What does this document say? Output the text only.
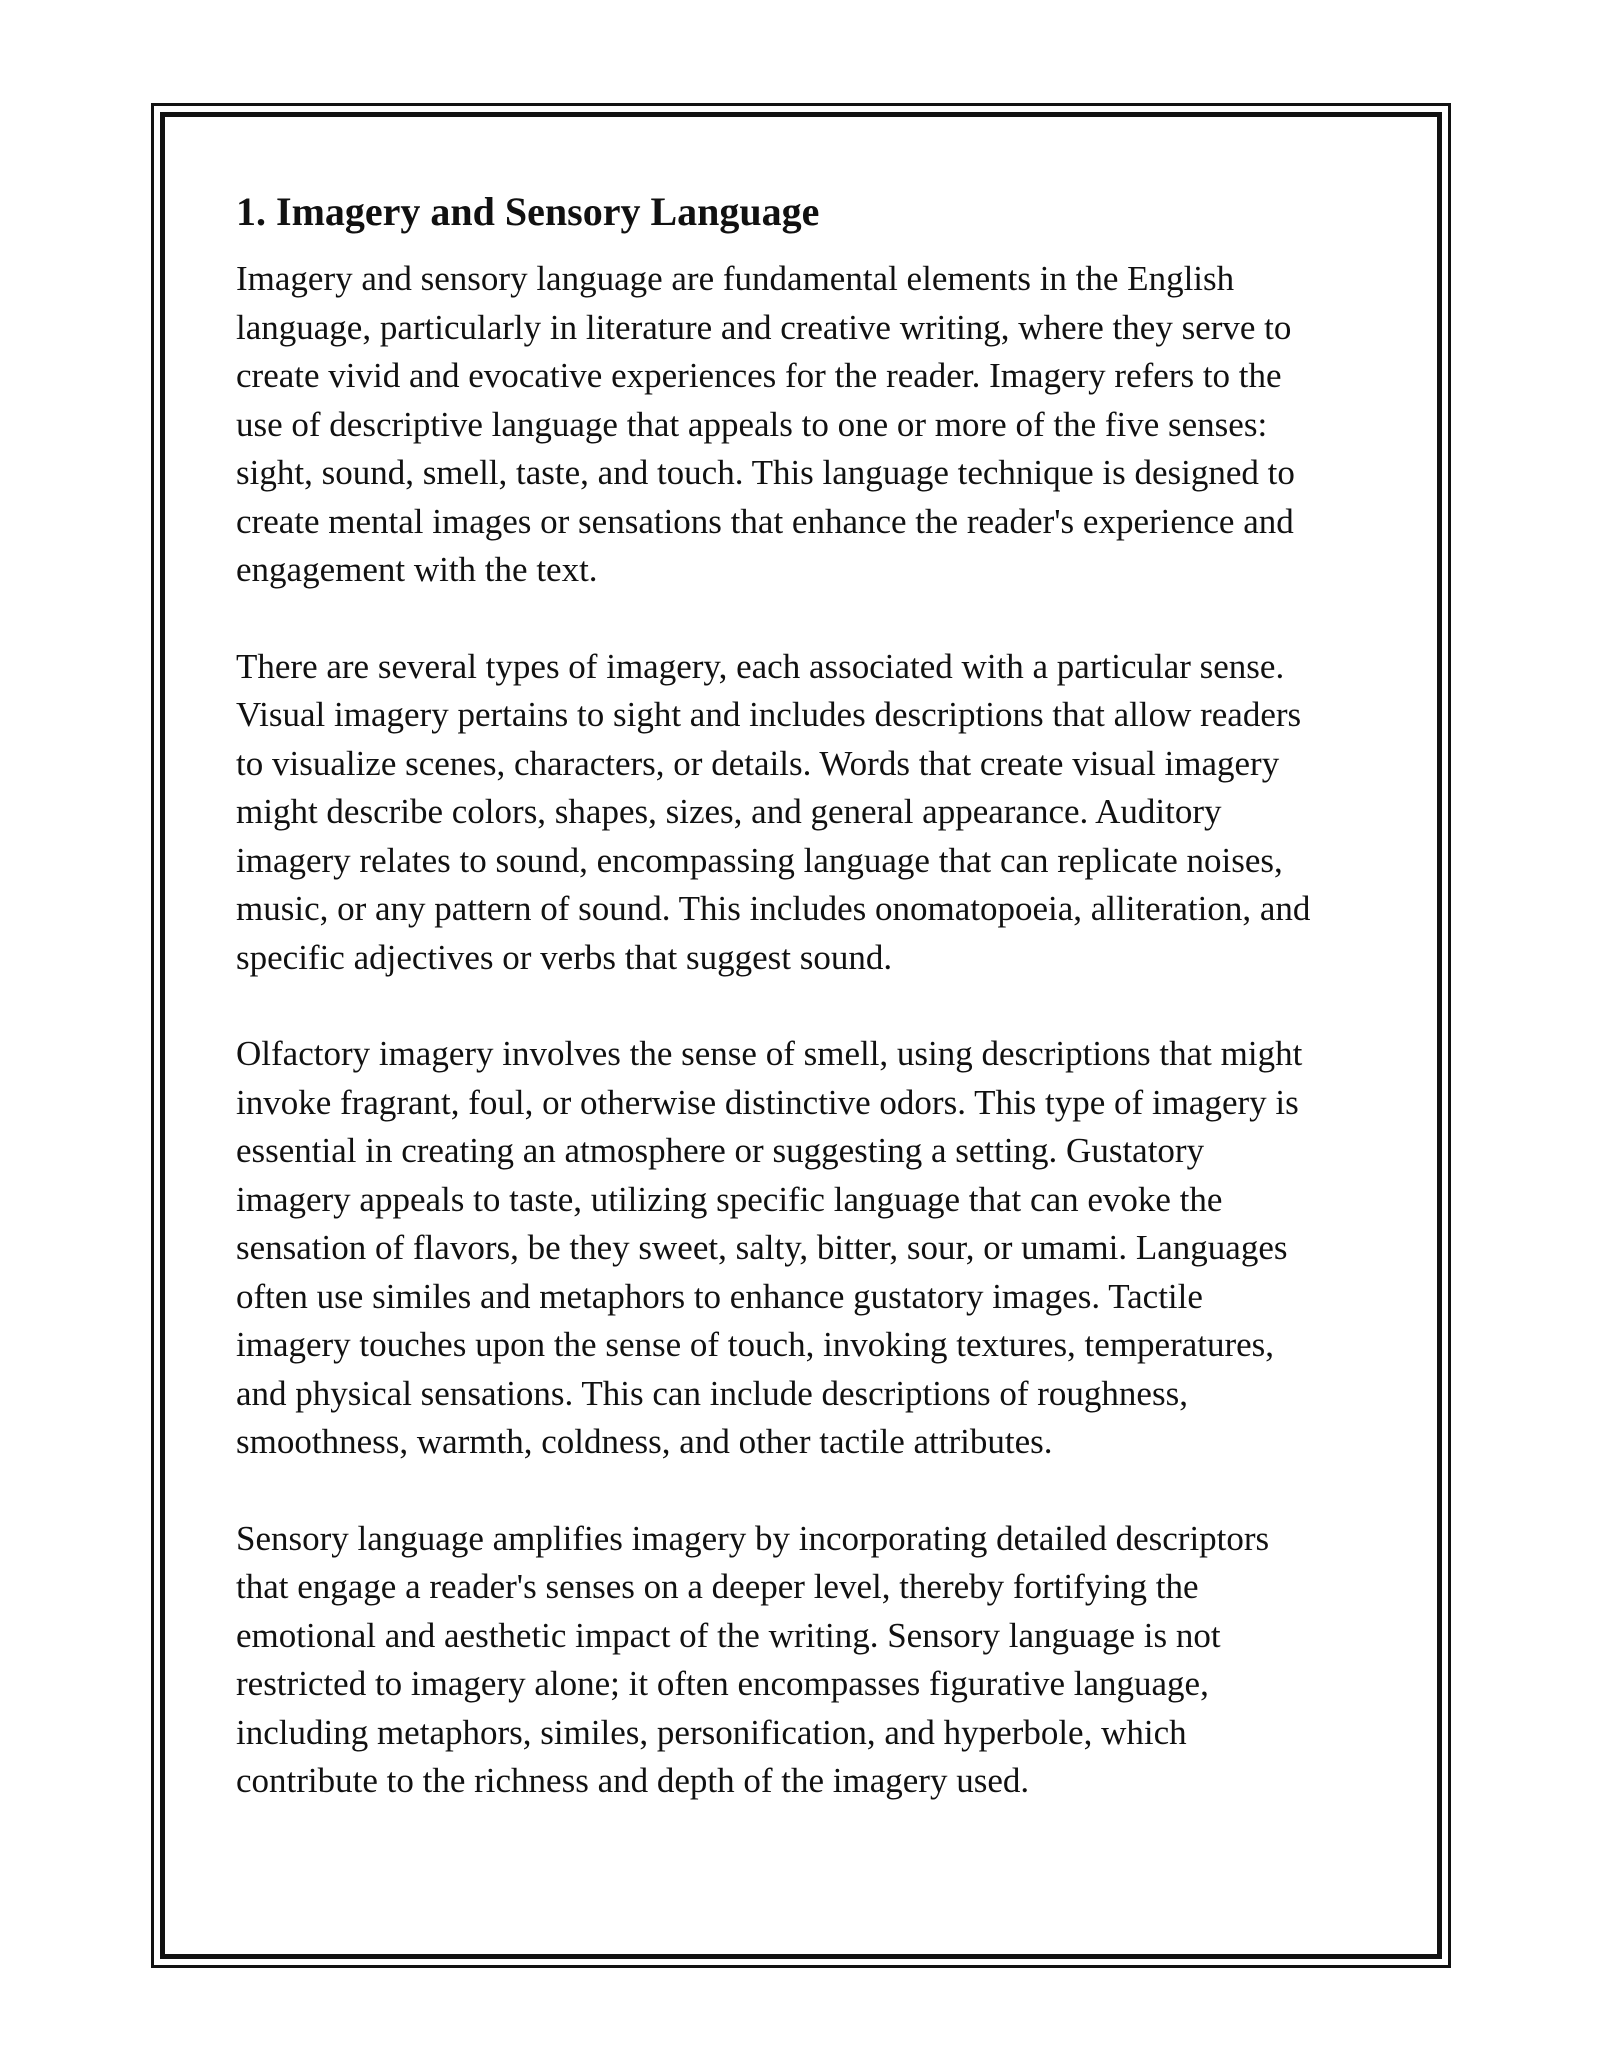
1. Imagery and Sensory Language
Imagery and sensory language are fundamental elements in the English
language, particularly in literature and creative writing, where they serve to
create vivid and evocative experiences for the reader. Imagery refers to the
use of descriptive language that appeals to one or more of the five senses:
sight, sound, smell, taste, and touch. This language technique is designed to
create mental images or sensations that enhance the reader's experience and
engagement with the text.
There are several types of imagery, each associated with a particular sense.
Visual imagery pertains to sight and includes descriptions that allow readers
to visualize scenes, characters, or details. Words that create visual imagery
might describe colors, shapes, sizes, and general appearance. Auditory
imagery relates to sound, encompassing language that can replicate noises,
music, or any pattern of sound. This includes onomatopoeia, alliteration, and
specific adjectives or verbs that suggest sound.
Olfactory imagery involves the sense of smell, using descriptions that might
invoke fragrant, foul, or otherwise distinctive odors. This type of imagery is
essential in creating an atmosphere or suggesting a setting. Gustatory
imagery appeals to taste, utilizing specific language that can evoke the
sensation of flavors, be they sweet, salty, bitter, sour, or umami. Languages
often use similes and metaphors to enhance gustatory images. Tactile
imagery touches upon the sense of touch, invoking textures, temperatures,
and physical sensations. This can include descriptions of roughness,
smoothness, warmth, coldness, and other tactile attributes.
Sensory language amplifies imagery by incorporating detailed descriptors
that engage a reader's senses on a deeper level, thereby fortifying the
emotional and aesthetic impact of the writing. Sensory language is not
restricted to imagery alone; it often encompasses figurative language,
including metaphors, similes, personification, and hyperbole, which
contribute to the richness and depth of the imagery used.
